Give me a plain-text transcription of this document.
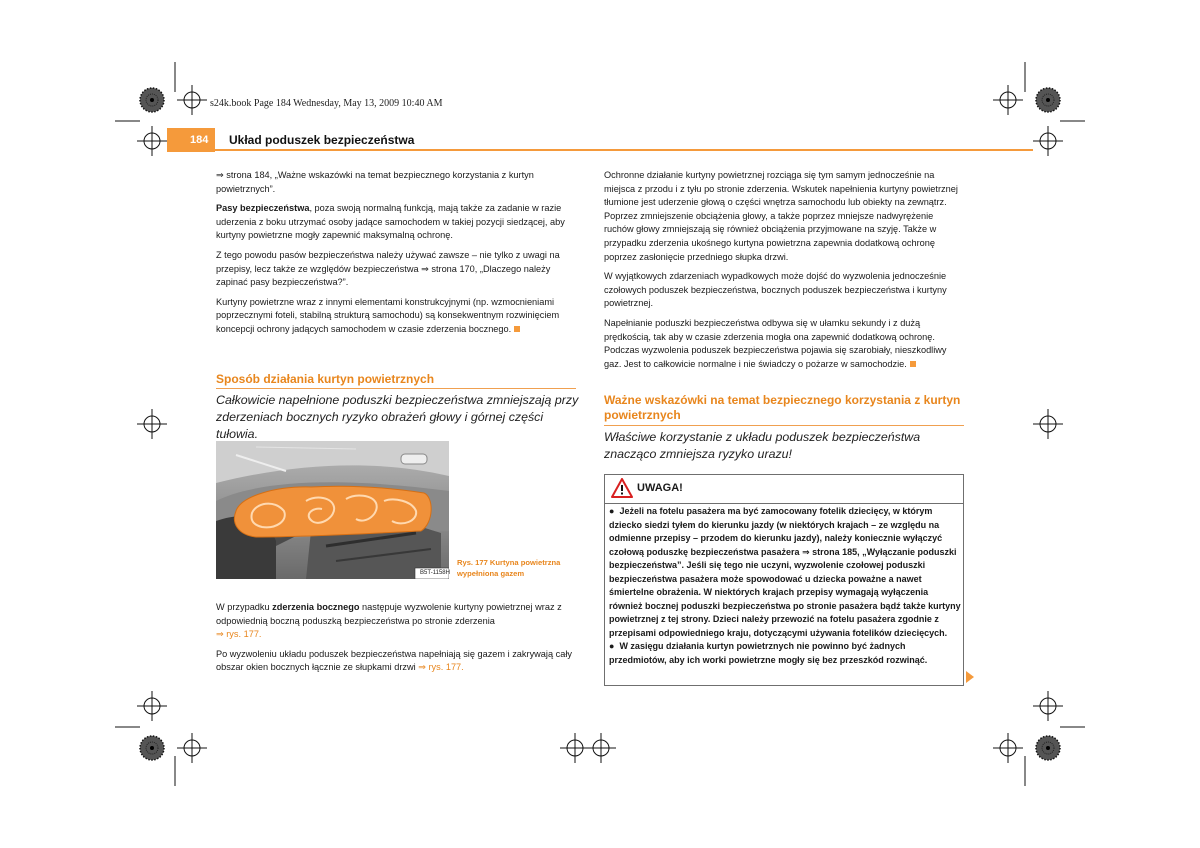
s24k.book Page 184 Wednesday, May 13, 2009 10:40 AM
184 Układ poduszek bezpieczeństwa

⇒ strona 184, „Ważne wskazówki na temat bezpiecznego korzystania z kurtyn powietrznych”.

Pasy bezpieczeństwa, poza swoją normalną funkcją, mają także za zadanie w razie uderzenia z boku utrzymać osoby jadące samochodem w takiej pozycji siedzącej, aby kurtyny powietrzne mogły zapewnić maksymalną ochronę.

Z tego powodu pasów bezpieczeństwa należy używać zawsze – nie tylko z uwagi na przepisy, lecz także ze względów bezpieczeństwa ⇒ strona 170, „Dlaczego należy zapinać pasy bezpieczeństwa?”.

Kurtyny powietrzne wraz z innymi elementami konstrukcyjnymi (np. wzmocnieniami poprzecznymi foteli, stabilną strukturą samochodu) są konsekwentnym rozwinięciem koncepcji ochrony jadących samochodem w czasie zderzenia bocznego.

Sposób działania kurtyn powietrznych
Całkowicie napełnione poduszki bezpieczeństwa zmniejszają przy zderzeniach bocznych ryzyko obrażeń głowy i górnej części tułowia.
B5T-1158H
Rys. 177 Kurtyna powietrzna wypełniona gazem

W przypadku zderzenia bocznego następuje wyzwolenie kurtyny powietrznej wraz z odpowiednią boczną poduszką bezpieczeństwa po stronie zderzenia
⇒ rys. 177.

Po wyzwoleniu układu poduszek bezpieczeństwa napełniają się gazem i zakrywają cały obszar okien bocznych łącznie ze słupkami drzwi ⇒ rys. 177.

Ochronne działanie kurtyny powietrznej rozciąga się tym samym jednocześnie na miejsca z przodu i z tyłu po stronie zderzenia. Wskutek napełnienia kurtyny powietrznej tłumione jest uderzenie głową o części wnętrza samochodu lub obiekty na zewnątrz. Poprzez zmniejszenie obciążenia głowy, a także poprzez mniejsze nadwyrężenie ruchów głowy zmniejszają się również obciążenia przyjmowane na szyję. Także w przypadku zderzenia ukośnego kurtyna powietrzna zapewnia dodatkową ochronę poprzez zasłonięcie przedniego słupka drzwi.

W wyjątkowych zdarzeniach wypadkowych może dojść do wyzwolenia jednocześnie czołowych poduszek bezpieczeństwa, bocznych poduszek bezpieczeństwa i kurtyny powietrznej.

Napełnianie poduszki bezpieczeństwa odbywa się w ułamku sekundy i z dużą prędkością, tak aby w czasie zderzenia mogła ona zapewnić dodatkową ochronę. Podczas wyzwolenia poduszek bezpieczeństwa pojawia się szarobiały, nieszkodliwy gaz. Jest to całkowicie normalne i nie świadczy o pożarze w samochodzie.

Ważne wskazówki na temat bezpiecznego korzystania z kurtyn powietrznych
Właściwe korzystanie z układu poduszek bezpieczeństwa znacząco zmniejsza ryzyko urazu!
UWAGA!

●  Jeżeli na fotelu pasażera ma być zamocowany fotelik dziecięcy, w którym dziecko siedzi tyłem do kierunku jazdy (w niektórych krajach – ze względu na odmienne przepisy – przodem do kierunku jazdy), należy koniecznie wyłączyć czołową poduszkę bezpieczeństwa pasażera ⇒ strona 185, „Wyłączanie poduszki bezpieczeństwa”. Jeśli się tego nie uczyni, wyzwolenie czołowej poduszki bezpieczeństwa pasażera może spowodować u dziecka poważne a nawet śmiertelne obrażenia. W niektórych krajach przepisy wymagają wyłączenia również bocznej poduszki bezpieczeństwa po stronie pasażera bądź także kurtyny powietrznej z tej strony. Dzieci należy przewozić na fotelu pasażera zgodnie z przepisami odpowiedniego kraju, dotyczącymi używania fotelików dziecięcych.

●  W zasięgu działania kurtyn powietrznych nie powinno być żadnych przedmiotów, aby ich worki powietrzne mogły się bez przeszkód rozwinąć.
